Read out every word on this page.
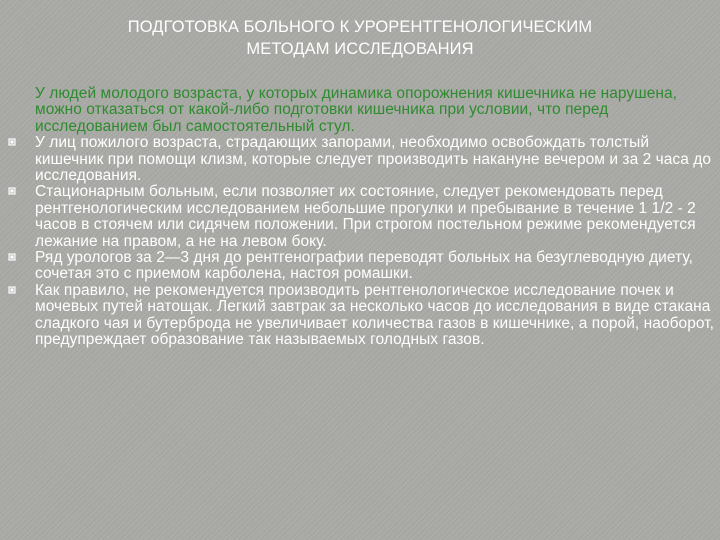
ПОДГОТОВКА БОЛЬНОГО К УРОРЕНТГЕНОЛОГИЧЕСКИМ
МЕТОДАМ ИССЛЕДОВАНИЯ

У людей молодого возраста, у которых динамика опорожнения кишечника не нарушена, можно отказаться от какой-либо подготовки кишечника при условии, что перед исследованием был самостоятельный стул.

У лиц пожилого возраста, страдающих запорами, необходимо освобождать толстый кишечник при помощи клизм, которые следует производить накануне вечером и за 2 часа до исследования.
Стационарным больным, если позволяет их состояние, следует рекомендовать перед рентгенологическим исследованием небольшие прогулки и пребывание в течение 1 1/2 - 2 часов в стоячем или сидячем положении. При строгом постельном режиме рекомендуется лежание на правом, а не на левом боку.
Ряд урологов за 2—3 дня до рентгенографии переводят больных на безуглеводную диету, сочетая это с приемом карболена, настоя ромашки.
Как правило, не рекомендуется производить рентгенологическое исследование почек и мочевых путей натощак. Легкий завтрак за несколько часов до исследования в виде стакана сладкого чая и бутерброда не увеличивает количества газов в кишечнике, а порой, наоборот, предупреждает образование так называемых голодных газов.
